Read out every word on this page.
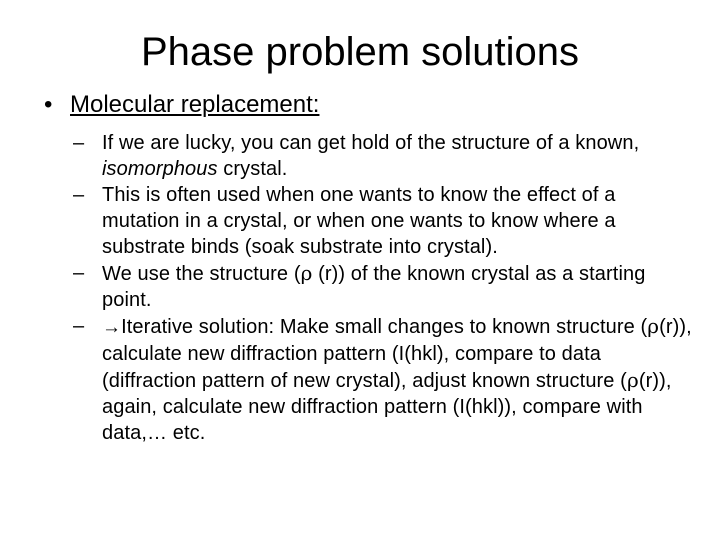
Phase problem solutions
• Molecular replacement:
– If we are lucky, you can get hold of the structure of a known, isomorphous crystal.
– This is often used when one wants to know the effect of a mutation in a crystal, or when one wants to know where a substrate binds (soak substrate into crystal).
– We use the structure (ρ (r)) of the known crystal as a starting point.
– →Iterative solution: Make small changes to known structure (ρ(r)), calculate new diffraction pattern (I(hkl), compare to data (diffraction pattern of new crystal), adjust known structure (ρ(r)), again, calculate new diffraction pattern (I(hkl)), compare with data,… etc.
